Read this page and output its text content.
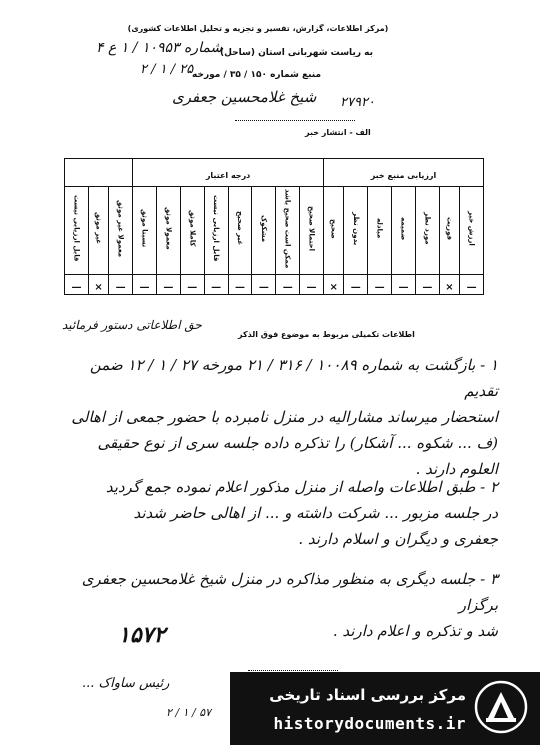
(مرکز اطلاعات، گزارش، تفسیر و تجزیه و تحلیل اطلاعات کشوری)
به ریاست شهربانی استان (ساحل)
شماره ۱۰۹۵۳ / ۱ ع ۴
۲ / ۱ / ۲۵
منبع شماره ۱۵۰ / ۳۵ / مورخه
شیخ غلامحسین جعفری ۲۷۹۲۰
الف - انتشار خبر
ارزیابی منبع خبر							درجه اعتبار										
ارزش خبر	فوریت	مورد نظر	ضمیمه	مبادله	بدون نظر	صحیح	احتمالا صحیح	ممکن است صحیح باشد	مشکوک	غیر صحیح	قابل ارزیابی نیست	کاملا موثق	معمولا موثق	نسبتا موثق	معمولا غیر موثق	غیر موثق	قابل ارزیابی نیست
—	×	—	—	—	—	×	—	—	—	—	—	—	—	—	—	×	—
اطلاعات تکمیلی مربوط به موضوع فوق الذکر
حق اطلاعاتی دستور فرمائید
۱ - بازگشت به شماره ۱۰۰۸۹ / ۳۱۶ / ۲۱ مورخه ۲۷ / ۱ / ۱۲ ضمن تقدیم
استحضار میرساند مشارالیه در منزل نامبرده با حضور جمعی از اهالی
(ف ... شکوه ... آشکار) را تذکره داده جلسه سری از نوع حقیقی
العلوم دارند .
۲ - طبق اطلاعات واصله از منزل مذکور اعلام نموده جمع گردید
در جلسه مزبور ... شرکت داشته و ... از اهالی حاضر شدند
جعفری و دیگران و اسلام دارند .
۳ - جلسه دیگری به منظور مذاکره در منزل شیخ غلامحسین جعفری برگزار
شد و تذکره و اعلام دارند .
۱۵۷۲
رئیس ساواک ...
۲ / ۱ / ۵۷
مرکز بررسی اسناد تاریخی
historydocuments.ir
